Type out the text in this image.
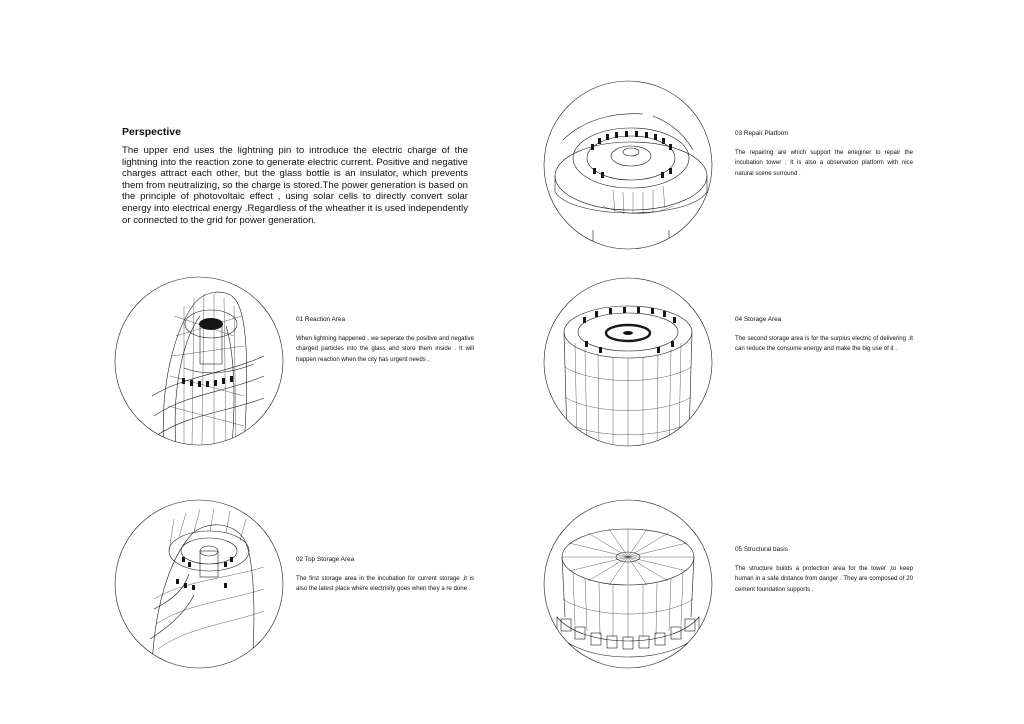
Perspective

The upper end uses the lightning pin to introduce the electric charge of the lightning into the reaction zone to generate electric current. Positive and negative charges attract each other, but the glass bottle is an insulator, which prevents them from neutralizing, so the charge is stored.The power generation is based on the principle of photovoltaic effect , using solar cells to directly convert solar energy into electrical energy .Regardless of the wheather it is used independently or connected to the grid for power generation.

01 Reaction Area

When lightning happened , we seperate the positive and negative charged particles into the glass and store them inside . It will happen reaction when the city has urgent needs .

02 Top Storage Area

The first storage area in the incubation for current storage ,it is also the latest place where electrisity goes when they a re done .

03 Repair Platform

The repairing are which support the eneginer to repair the incubation tower . It is also a observation platform with nice natural scene surround .

04 Storage Area

The second storage area is for the surplus electric of delivering .It can reduce the consume energy and make the big use of it .

05 Structural basis

The structure builds a protection area for the tower ,to keep human in a safe distance from danger . They are composed of 20 cement foundation supports .
